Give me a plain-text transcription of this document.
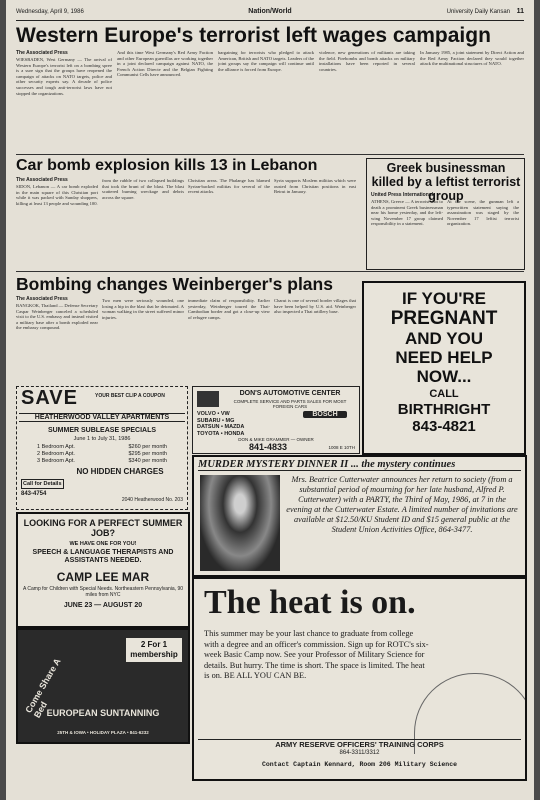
Wednesday, April 9, 1986	Nation/World	University Daily Kansan 11
Western Europe's terrorist left wages campaign
The Associated Press
WIESBADEN, West Germany — The arrival of Western Europe's terrorist left on a bombing spree is a sure sign that the groups have reopened the campaign of attacks on NATO targets, police and other security experts say. A decade of police successes and tough anti-terrorist laws have not stopped the organizations.
And this time West Germany's Red Army Faction and other European guerrillas are working together in a joint declared campaign against NATO, the French Action Directe and the Belgian Fighting Communist Cells have announced.
bargaining for terrorists who pledged to attack American, British and NATO targets. Leaders of the joint groups say the campaign will continue until the alliance is forced from Europe.
violence, new generations of militants are taking the field. Firebombs and bomb attacks on military installations have been reported in several countries.
In January 1985, a joint statement by Direct Action and the Red Army Faction declared they would together attack the multinational structures of NATO.
Car bomb explosion kills 13 in Lebanon
The Associated Press
SIDON, Lebanon — A car bomb exploded in the main square of this Christian port while it was packed with Sunday shoppers, killing at least 13 people and wounding 100.
from the rubble of two collapsed buildings that took the brunt of the blast. The blast scattered burning wreckage and debris across the square.
Christian areas. The Phalange has blamed Syrian-backed militias for several of the recent attacks.
Syria supports Moslem militias which were ousted from Christian positions in east Beirut in January.
Greek businessman killed by a leftist terrorist group
United Press International
ATHENS, Greece — A terrorist shot to death a prominent Greek businessman near his home yesterday, and the left-wing November 17 group claimed responsibility in a statement.
At the scene, the gunman left a typewritten statement saying the assassination was staged by the November 17 leftist terrorist organization.
Bombing changes Weinberger's plans
The Associated Press
BANGKOK, Thailand — Defense Secretary Caspar Weinberger canceled a scheduled visit to the U.S. embassy and instead visited a military base after a bomb exploded near the embassy compound.
Two men were seriously wounded, one losing a hip in the blast that he detonated. A woman walking in the street suffered minor injuries.
immediate claim of responsibility. Earlier yesterday, Weinberger toured the Thai-Cambodian border and got a close-up view of refugee camps.
Charut is one of several border villages that have been helped by U.S. aid. Weinberger also inspected a Thai artillery base.
IF YOU'RE
PREGNANT
AND YOU
NEED HELP
NOW...
CALL
BIRTHRIGHT
843-4821
SAVE	YOUR BEST CLIP A COUPON
HEATHERWOOD VALLEY APARTMENTS
SUMMER SUBLEASE SPECIALS
June 1 to July 31, 1986
1 Bedroom Apt.	$260 per month
2 Bedroom Apt.	$295 per month
3 Bedroom Apt.	$340 per month
NO HIDDEN CHARGES
Call for Details
843-4754
2040 Heatherwood No. 203
DON'S AUTOMOTIVE CENTER
COMPLETE SERVICE AND PARTS SALES FOR MOST FOREIGN CARS
VOLVO • VW
SUBARU • MG
DATSUN • MAZDA
TOYOTA • HONDA
BOSCH
DON & MIKE GRAMMER — OWNER
841-4833	1008 E 10TH
MURDER MYSTERY DINNER II ... the mystery continues
Mrs. Beatrice Cutterwater announces her return to society (from a substantial period of mourning for her late husband, Alfred P. Cutterwater) with a PARTY, the Third of May, 1986, at 7 in the evening at the Cutterwater Estate. A limited number of invitations are available at $12.50/KU Student ID and $15 general public at the Student Union Activities Office, 864-3477.
LOOKING FOR A PERFECT SUMMER JOB?
WE HAVE ONE FOR YOU!
SPEECH & LANGUAGE THERAPISTS AND ASSISTANTS NEEDED.
CAMP LEE MAR
A Camp for Children with Special Needs. Northeastern Pennsylvania, 90 miles from NYC
JUNE 23 — AUGUST 20
Come Share A Bed
2 For 1 membership
EUROPEAN SUNTANNING
25TH & IOWA • HOLIDAY PLAZA • 841-6232
The heat is on.
This summer may be your last chance to graduate from college with a degree and an officer's commission. Sign up for ROTC's six-week Basic Camp now. See your Professor of Military Science for details. But hurry. The time is short. The space is limited. The heat is on. BE ALL YOU CAN BE.
ARMY RESERVE OFFICERS' TRAINING CORPS
864-3311/3312
Contact Captain Kennard, Room 206 Military Science
